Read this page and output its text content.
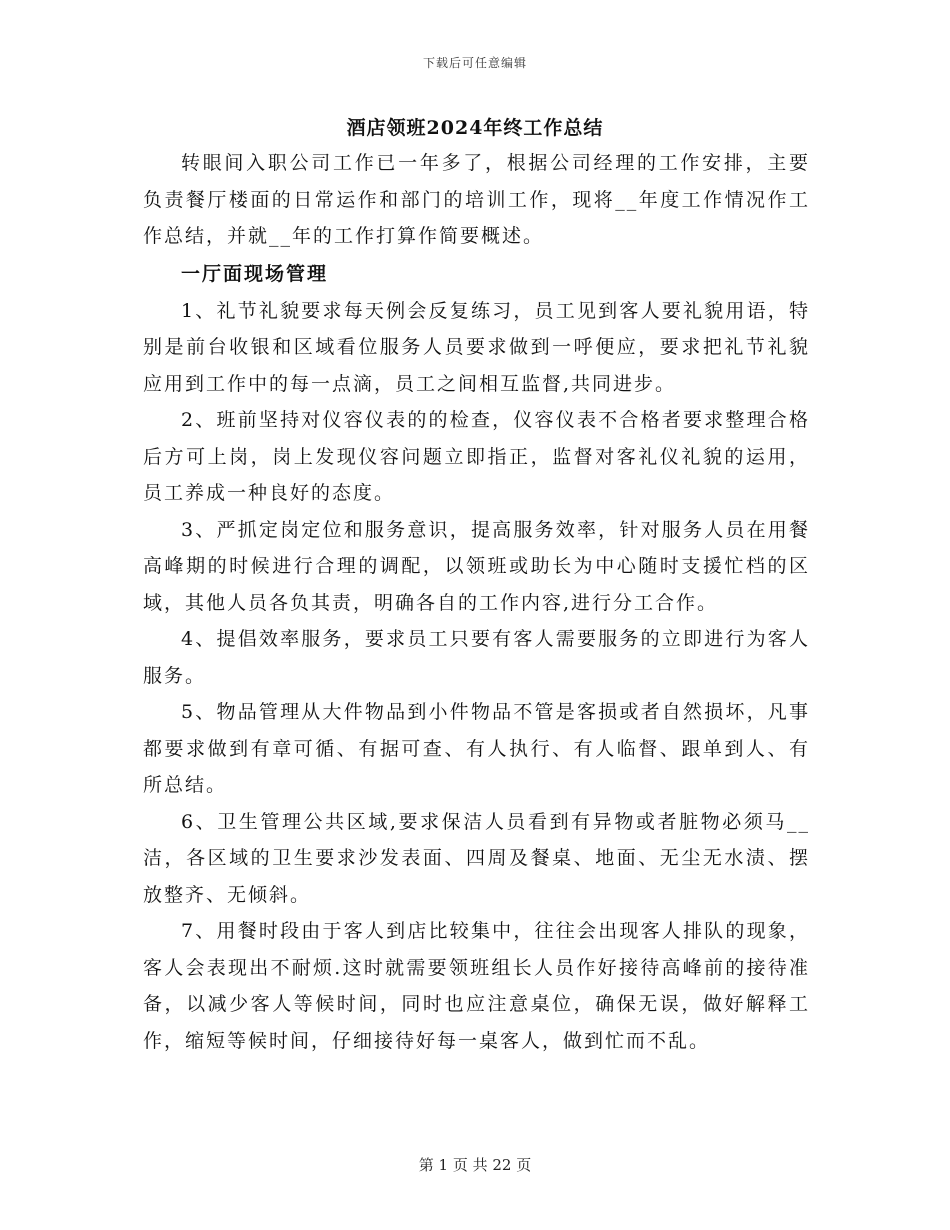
下载后可任意编辑
酒店领班2024年终工作总结

转眼间入职公司工作已一年多了，根据公司经理的工作安排，主要负责餐厅楼面的日常运作和部门的培训工作，现将__年度工作情况作工作总结，并就__年的工作打算作简要概述。

一厅面现场管理

1、礼节礼貌要求每天例会反复练习，员工见到客人要礼貌用语，特别是前台收银和区域看位服务人员要求做到一呼便应，要求把礼节礼貌应用到工作中的每一点滴，员工之间相互监督,共同进步。

2、班前坚持对仪容仪表的的检查，仪容仪表不合格者要求整理合格后方可上岗，岗上发现仪容问题立即指正，监督对客礼仪礼貌的运用，员工养成一种良好的态度。

3、严抓定岗定位和服务意识，提高服务效率，针对服务人员在用餐高峰期的时候进行合理的调配，以领班或助长为中心随时支援忙档的区域，其他人员各负其责，明确各自的工作内容,进行分工合作。

4、提倡效率服务，要求员工只要有客人需要服务的立即进行为客人服务。

5、物品管理从大件物品到小件物品不管是客损或者自然损坏，凡事都要求做到有章可循、有据可查、有人执行、有人临督、跟单到人、有所总结。

6、卫生管理公共区域,要求保洁人员看到有异物或者脏物必须马__洁，各区域的卫生要求沙发表面、四周及餐桌、地面、无尘无水渍、摆放整齐、无倾斜。

7、用餐时段由于客人到店比较集中，往往会出现客人排队的现象，客人会表现出不耐烦.这时就需要领班组长人员作好接待高峰前的接待准备，以减少客人等候时间，同时也应注意桌位，确保无误，做好解释工作，缩短等候时间，仔细接待好每一桌客人，做到忙而不乱。

第 1 页 共 22 页
